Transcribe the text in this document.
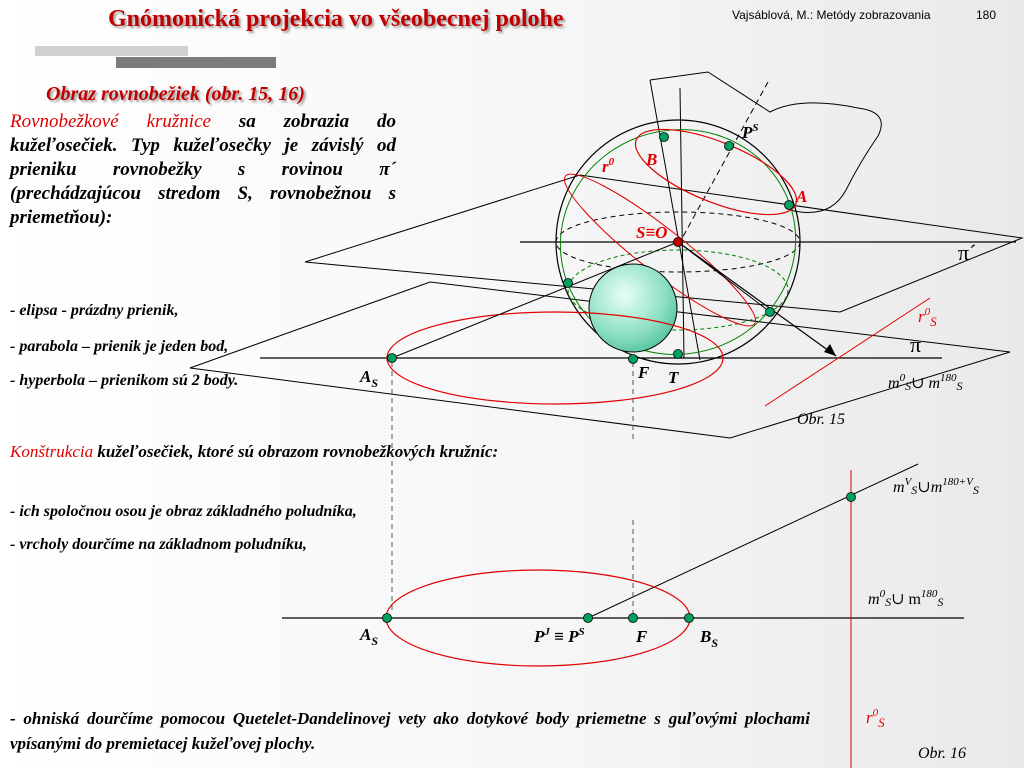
Gnómonická projekcia vo všeobecnej polohe	Vajsáblová, M.: Metódy zobrazovania	180
Obraz rovnobežiek (obr. 15, 16)
Rovnobežkové kružnice sa zobrazia do kužeľosečiek. Typ kužeľosečky je závislý od prieniku rovnobežky s rovinou π´ (prechádzajúcou stredom S, rovnobežnou s priemetňou):
- elipsa - prázdny prienik,
- parabola – prienik je jeden bod,
- hyperbola – prienikom sú 2 body.
Konštrukcia kužeľosečiek, ktoré sú obrazom rovnobežkových kružníc:
- ich spoločnou osou je obraz základného poludníka,
- vrcholy dourčíme na základnom poludníku,
- ohniská dourčíme pomocou Quetelet-Dandelinovej vety ako dotykové body priemetne s guľovými plochami vpísanými do premietacej kužeľovej plochy.
$P^S$
$r^0$ B
A
S≡O
π´
$r^0_S$
π
$A_S$
F T	$m^0_S\cup$ $m^{180}_S$
Obr. 15
$m^V_S\cup m^{180+V}_S$
$m^0_S\cup$ $m^{180}_S$
$A_S$	$P^J \equiv P^S$	F	$B_S$
$r^0_S$
Obr. 16
